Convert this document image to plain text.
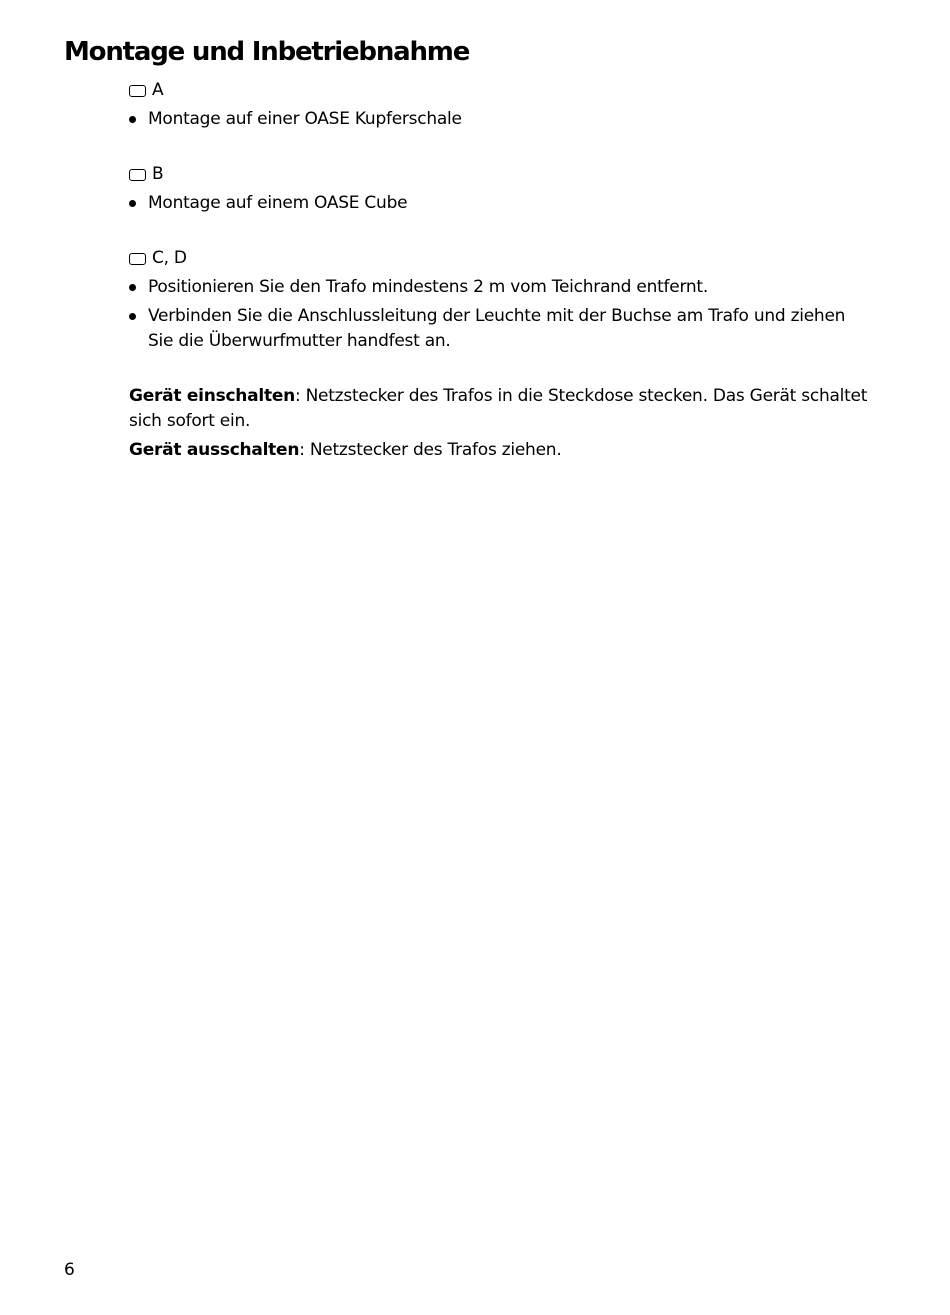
Montage und Inbetriebnahme
A
Montage auf einer OASE Kupferschale
B
Montage auf einem OASE Cube
C, D
Positionieren Sie den Trafo mindestens 2 m vom Teichrand entfernt.
Verbinden Sie die Anschlussleitung der Leuchte mit der Buchse am Trafo und ziehen Sie die Überwurfmutter handfest an.

Gerät einschalten: Netzstecker des Trafos in die Steckdose stecken. Das Gerät schaltet sich sofort ein.

Gerät ausschalten: Netzstecker des Trafos ziehen.

6
